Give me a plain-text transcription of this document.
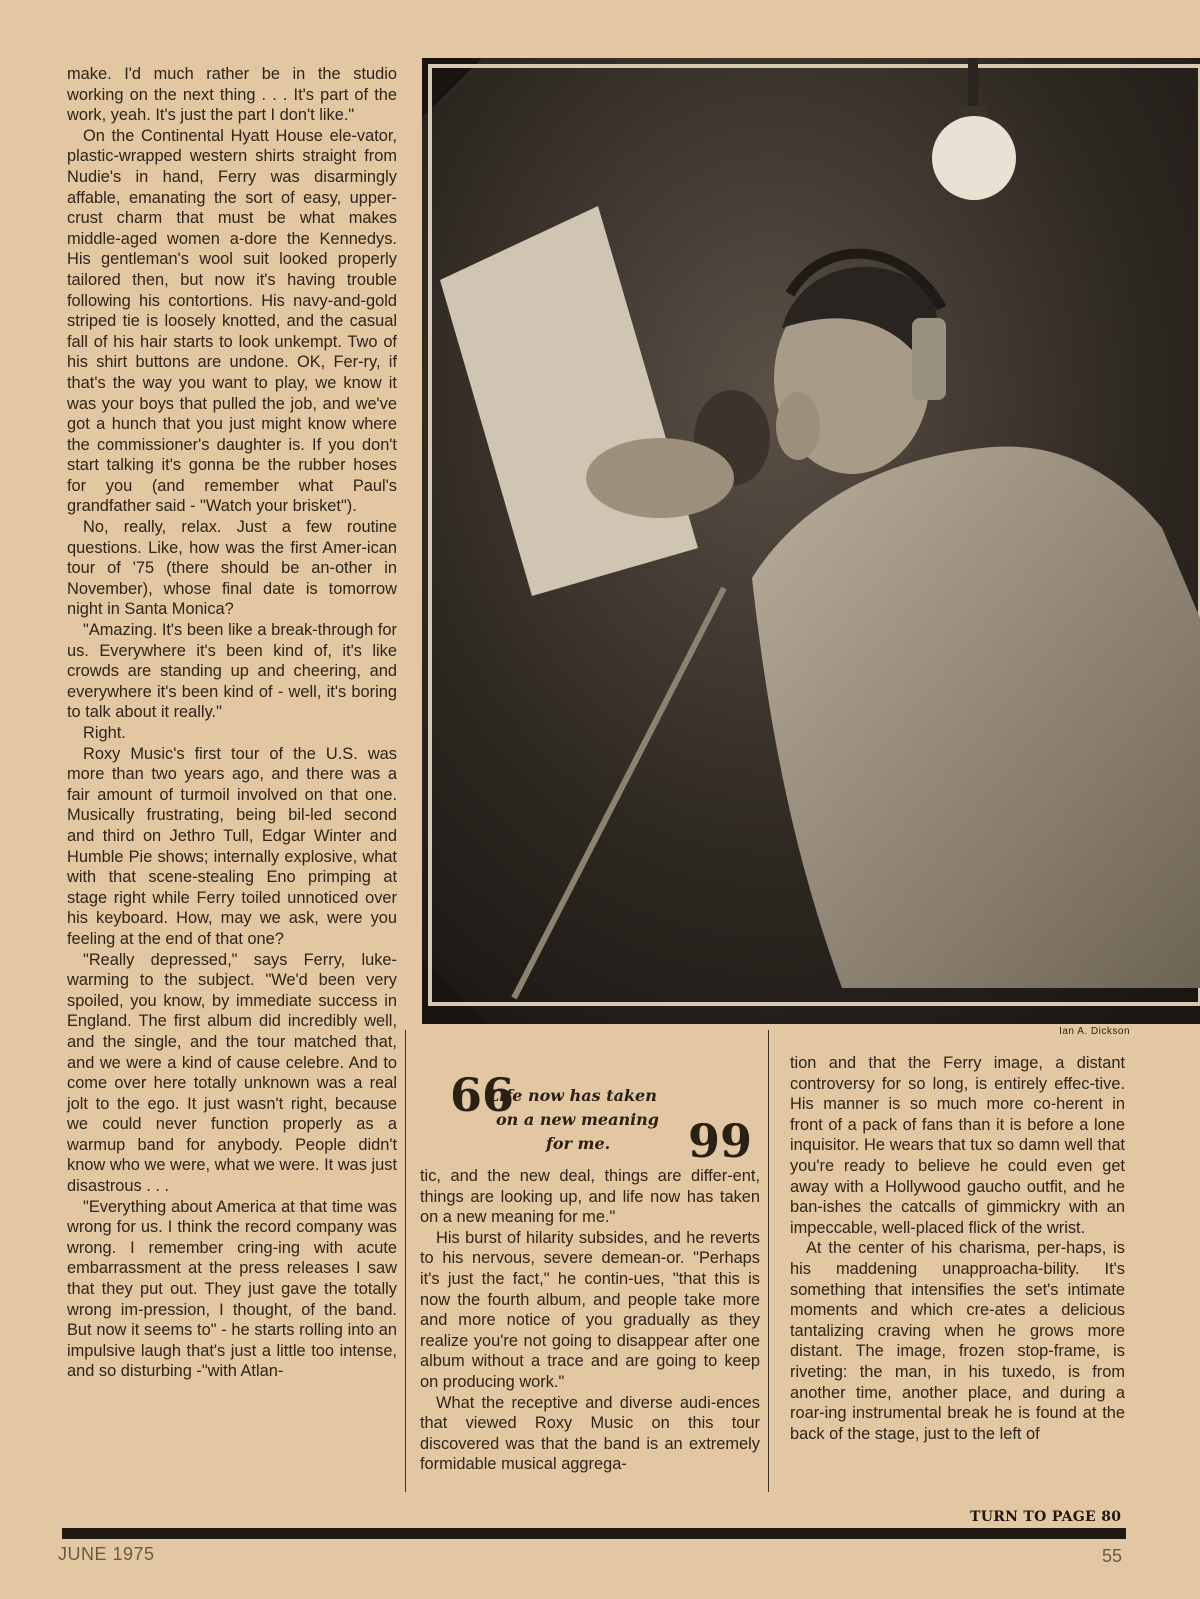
make. I'd much rather be in the studio working on the next thing . . . It's part of the work, yeah. It's just the part I don't like."

On the Continental Hyatt House ele-vator, plastic-wrapped western shirts straight from Nudie's in hand, Ferry was disarmingly affable, emanating the sort of easy, upper-crust charm that must be what makes middle-aged women a-dore the Kennedys. His gentleman's wool suit looked properly tailored then, but now it's having trouble following his contortions. His navy-and-gold striped tie is loosely knotted, and the casual fall of his hair starts to look unkempt. Two of his shirt buttons are undone. OK, Fer-ry, if that's the way you want to play, we know it was your boys that pulled the job, and we've got a hunch that you just might know where the commissioner's daughter is. If you don't start talking it's gonna be the rubber hoses for you (and remember what Paul's grandfather said - "Watch your brisket").

No, really, relax. Just a few routine questions. Like, how was the first Amer-ican tour of '75 (there should be an-other in November), whose final date is tomorrow night in Santa Monica?

"Amazing. It's been like a break-through for us. Everywhere it's been kind of, it's like crowds are standing up and cheering, and everywhere it's been kind of - well, it's boring to talk about it really."

Right.

Roxy Music's first tour of the U.S. was more than two years ago, and there was a fair amount of turmoil involved on that one. Musically frustrating, being bil-led second and third on Jethro Tull, Edgar Winter and Humble Pie shows; internally explosive, what with that scene-stealing Eno primping at stage right while Ferry toiled unnoticed over his keyboard. How, may we ask, were you feeling at the end of that one?

"Really depressed," says Ferry, luke-warming to the subject. "We'd been very spoiled, you know, by immediate success in England. The first album did incredibly well, and the single, and the tour matched that, and we were a kind of cause celebre. And to come over here totally unknown was a real jolt to the ego. It just wasn't right, because we could never function properly as a warmup band for anybody. People didn't know who we were, what we were. It was just disastrous . . .

"Everything about America at that time was wrong for us. I think the record company was wrong. I remember cring-ing with acute embarrassment at the press releases I saw that they put out. They just gave the totally wrong im-pression, I thought, of the band. But now it seems to" - he starts rolling into an impulsive laugh that's just a little too intense, and so disturbing -"with Atlan-

Ian A. Dickson
66
Life now has taken
on a new meaning
for me. 99

tic, and the new deal, things are differ-ent, things are looking up, and life now has taken on a new meaning for me."

His burst of hilarity subsides, and he reverts to his nervous, severe demean-or. "Perhaps it's just the fact," he contin-ues, "that this is now the fourth album, and people take more and more notice of you gradually as they realize you're not going to disappear after one album without a trace and are going to keep on producing work."

What the receptive and diverse audi-ences that viewed Roxy Music on this tour discovered was that the band is an extremely formidable musical aggrega-

tion and that the Ferry image, a distant controversy for so long, is entirely effec-tive. His manner is so much more co-herent in front of a pack of fans than it is before a lone inquisitor. He wears that tux so damn well that you're ready to believe he could even get away with a Hollywood gaucho outfit, and he ban-ishes the catcalls of gimmickry with an impeccable, well-placed flick of the wrist.

At the center of his charisma, per-haps, is his maddening unapproacha-bility. It's something that intensifies the set's intimate moments and which cre-ates a delicious tantalizing craving when he grows more distant. The image, frozen stop-frame, is riveting: the man, in his tuxedo, is from another time, another place, and during a roar-ing instrumental break he is found at the back of the stage, just to the left of

TURN TO PAGE 80
JUNE 1975	55
